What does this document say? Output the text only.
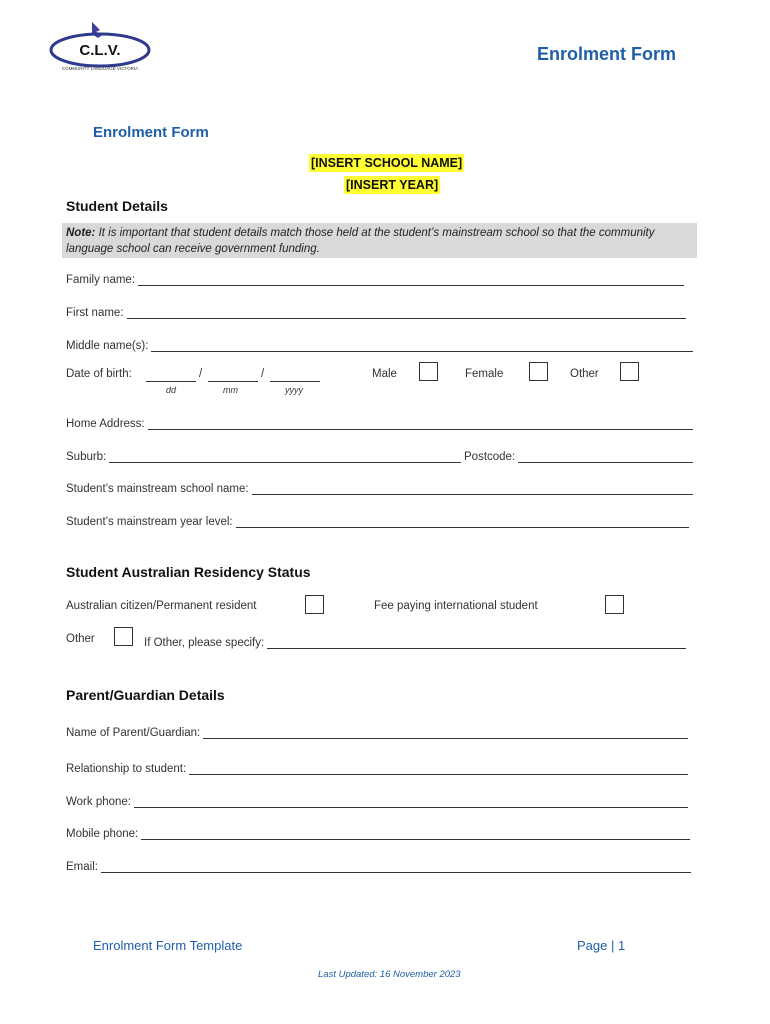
C.L.V.
COMMUNITY LANGUAGE VICTORIA
Enrolment Form
Enrolment Form
[INSERT SCHOOL NAME]
[INSERT YEAR]
Student Details
Note: It is important that student details match those held at the student’s mainstream school so that the community language school can receive government funding.
Family name:
First name:
Middle name(s):
Date of birth:	/	/
dd	mm	yyyy
Male	Female	Other
Home Address:
Suburb:	Postcode:
Student’s mainstream school name:
Student’s mainstream year level:
Student Australian Residency Status
Australian citizen/Permanent resident	Fee paying international student
Other	If Other, please specify:
Parent/Guardian Details
Name of Parent/Guardian:
Relationship to student:
Work phone:
Mobile phone:
Email:
Enrolment Form Template	Page | 1
Last Updated: 16 November 2023
